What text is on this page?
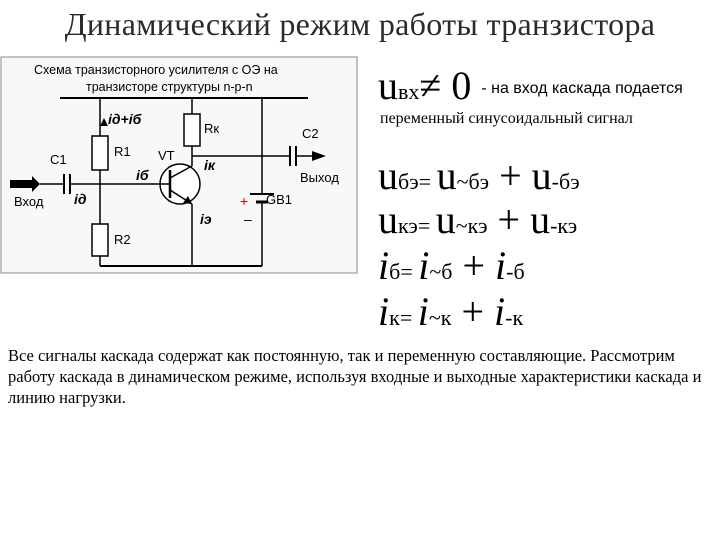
Динамический режим работы транзистора
Схема транзисторного усилителя с ОЭ на
транзисторе структуры n-p-n
R1
R2
Rк	C2
Выход
VT
C1
Вход	GB1
+
–
iд+iб
iб
iд
iк
iэ
uвх≠ 0 - на вход каскада подается
переменный синусоидальный сигнал
uбэ= u~бэ + u-бэ
uкэ= u~кэ + u-кэ
iб= i~б + i-б
iк= i~к + i-к
Все сигналы каскада содержат как постоянную, так и переменную составляющие. Рассмотрим работу каскада в динамическом режиме, используя входные и выходные характеристики каскада и линию нагрузки.
